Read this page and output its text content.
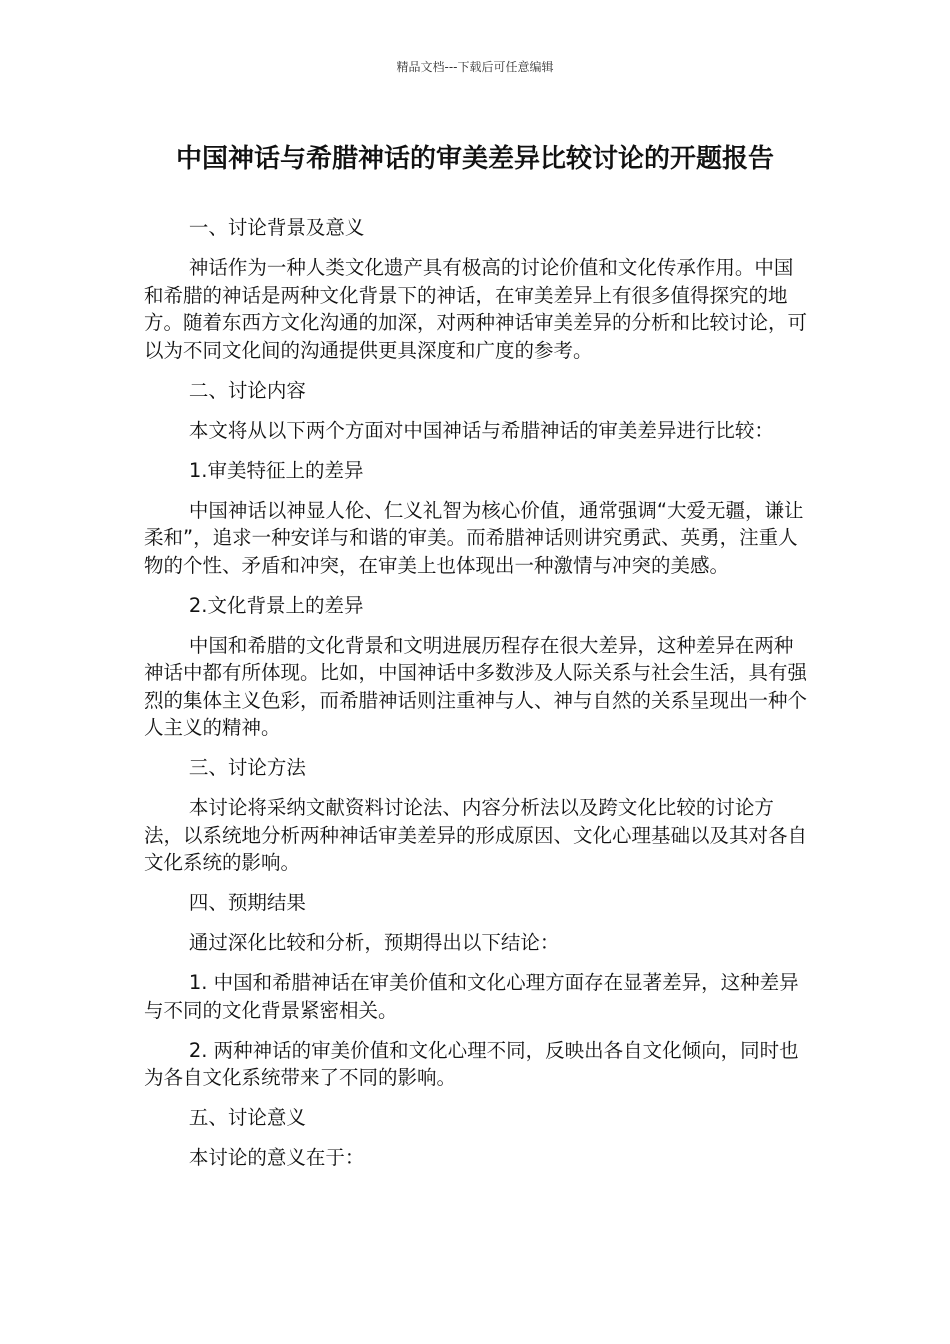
精品文档---下载后可任意编辑
中国神话与希腊神话的审美差异比较讨论的开题报告

一、讨论背景及意义

神话作为一种人类文化遗产具有极高的讨论价值和文化传承作用。中国和希腊的神话是两种文化背景下的神话，在审美差异上有很多值得探究的地方。随着东西方文化沟通的加深，对两种神话审美差异的分析和比较讨论，可以为不同文化间的沟通提供更具深度和广度的参考。

二、讨论内容

本文将从以下两个方面对中国神话与希腊神话的审美差异进行比较：

1.审美特征上的差异

中国神话以神显人伦、仁义礼智为核心价值，通常强调“大爱无疆，谦让柔和”，追求一种安详与和谐的审美。而希腊神话则讲究勇武、英勇，注重人物的个性、矛盾和冲突，在审美上也体现出一种激情与冲突的美感。

2.文化背景上的差异

中国和希腊的文化背景和文明进展历程存在很大差异，这种差异在两种神话中都有所体现。比如，中国神话中多数涉及人际关系与社会生活，具有强烈的集体主义色彩，而希腊神话则注重神与人、神与自然的关系呈现出一种个人主义的精神。

三、讨论方法

本讨论将采纳文献资料讨论法、内容分析法以及跨文化比较的讨论方法，以系统地分析两种神话审美差异的形成原因、文化心理基础以及其对各自文化系统的影响。

四、预期结果

通过深化比较和分析，预期得出以下结论：

1. 中国和希腊神话在审美价值和文化心理方面存在显著差异，这种差异与不同的文化背景紧密相关。

2. 两种神话的审美价值和文化心理不同，反映出各自文化倾向，同时也为各自文化系统带来了不同的影响。

五、讨论意义

本讨论的意义在于：
